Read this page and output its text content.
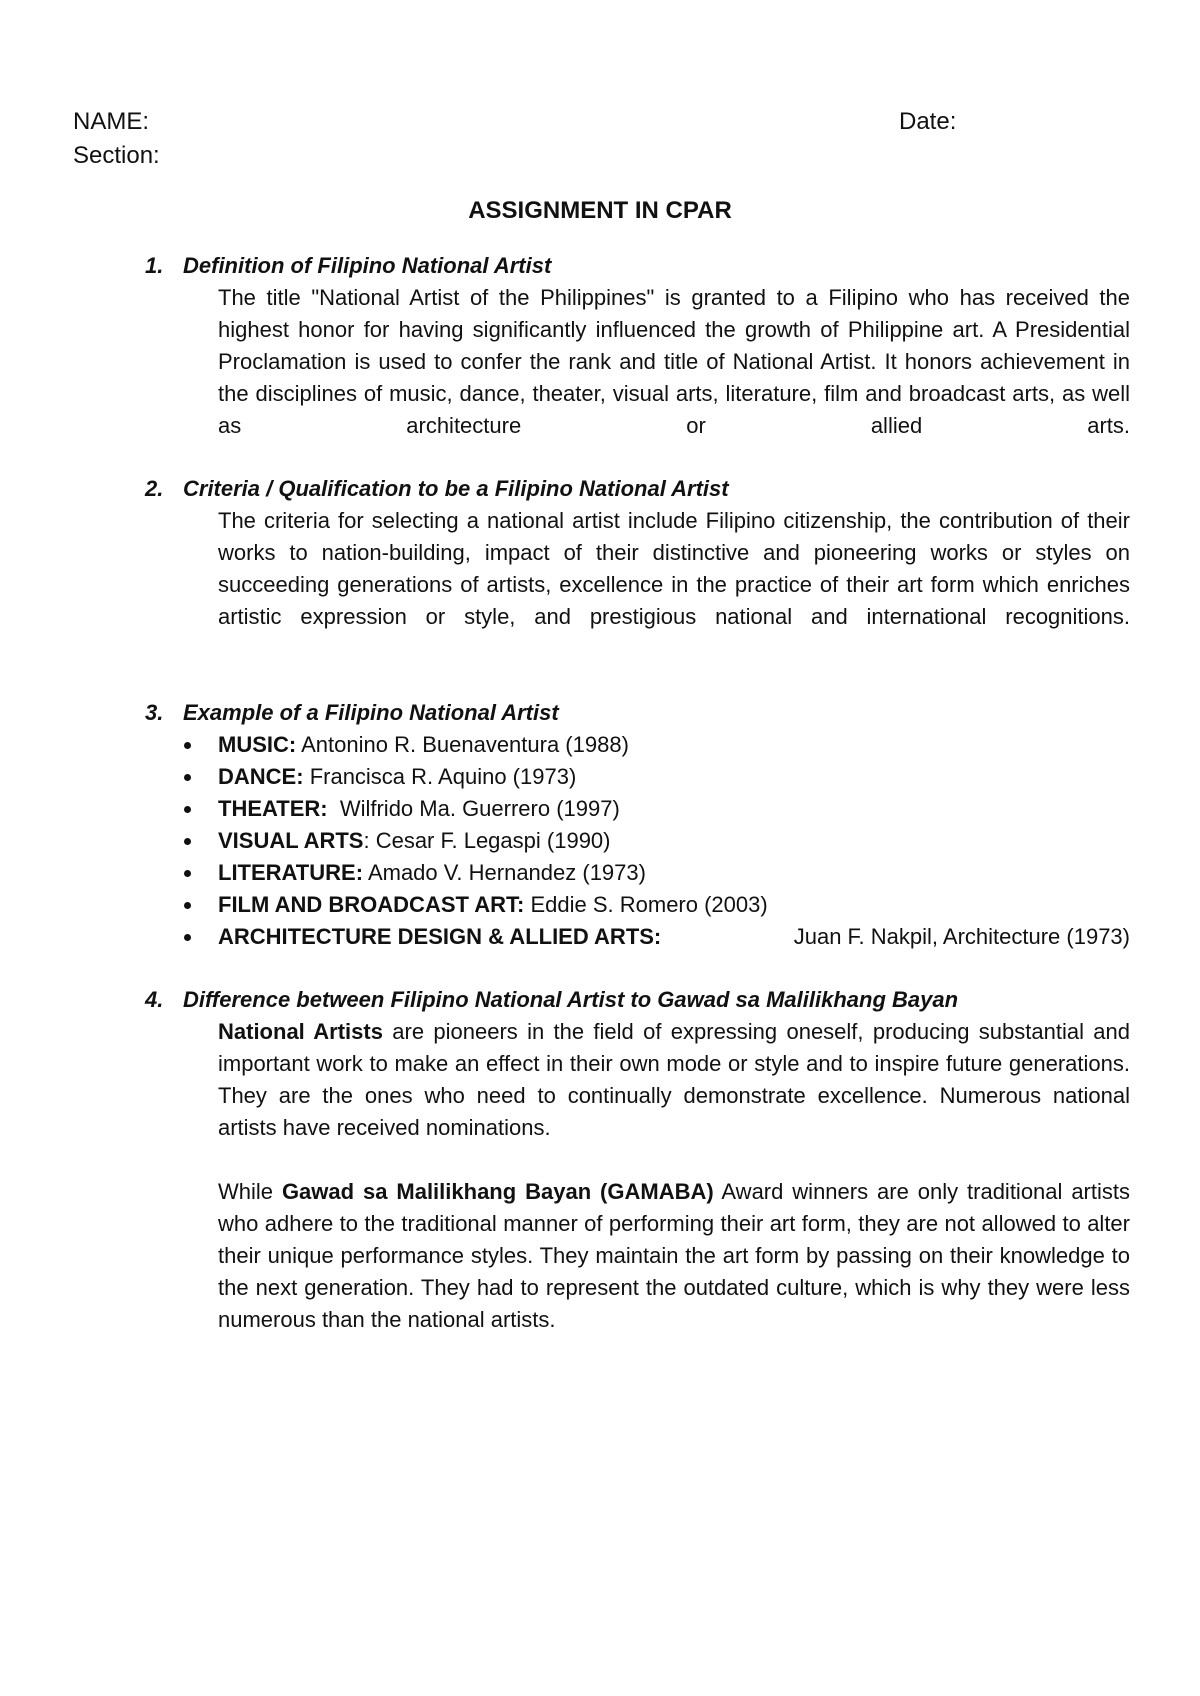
NAME:	Date:
Section:
ASSIGNMENT IN CPAR
1. Definition of Filipino National Artist
The title "National Artist of the Philippines" is granted to a Filipino who has received the highest honor for having significantly influenced the growth of Philippine art. A Presidential Proclamation is used to confer the rank and title of National Artist. It honors achievement in the disciplines of music, dance, theater, visual arts, literature, film and broadcast arts, as well as architecture or allied arts.
2. Criteria / Qualification to be a Filipino National Artist
The criteria for selecting a national artist include Filipino citizenship, the contribution of their works to nation-building, impact of their distinctive and pioneering works or styles on succeeding generations of artists, excellence in the practice of their art form which enriches artistic expression or style, and prestigious national and international recognitions.
3. Example of a Filipino National Artist
MUSIC: Antonino R. Buenaventura (1988)
DANCE: Francisca R. Aquino (1973)
THEATER: Wilfrido Ma. Guerrero (1997)
VISUAL ARTS: Cesar F. Legaspi (1990)
LITERATURE: Amado V. Hernandez (1973)
FILM AND BROADCAST ART: Eddie S. Romero (2003)
ARCHITECTURE DESIGN & ALLIED ARTS:	Juan F. Nakpil, Architecture (1973)
4. Difference between Filipino National Artist to Gawad sa Malilikhang Bayan
National Artists are pioneers in the field of expressing oneself, producing substantial and important work to make an effect in their own mode or style and to inspire future generations. They are the ones who need to continually demonstrate excellence. Numerous national artists have received nominations.
While Gawad sa Malilikhang Bayan (GAMABA) Award winners are only traditional artists who adhere to the traditional manner of performing their art form, they are not allowed to alter their unique performance styles. They maintain the art form by passing on their knowledge to the next generation. They had to represent the outdated culture, which is why they were less numerous than the national artists.
